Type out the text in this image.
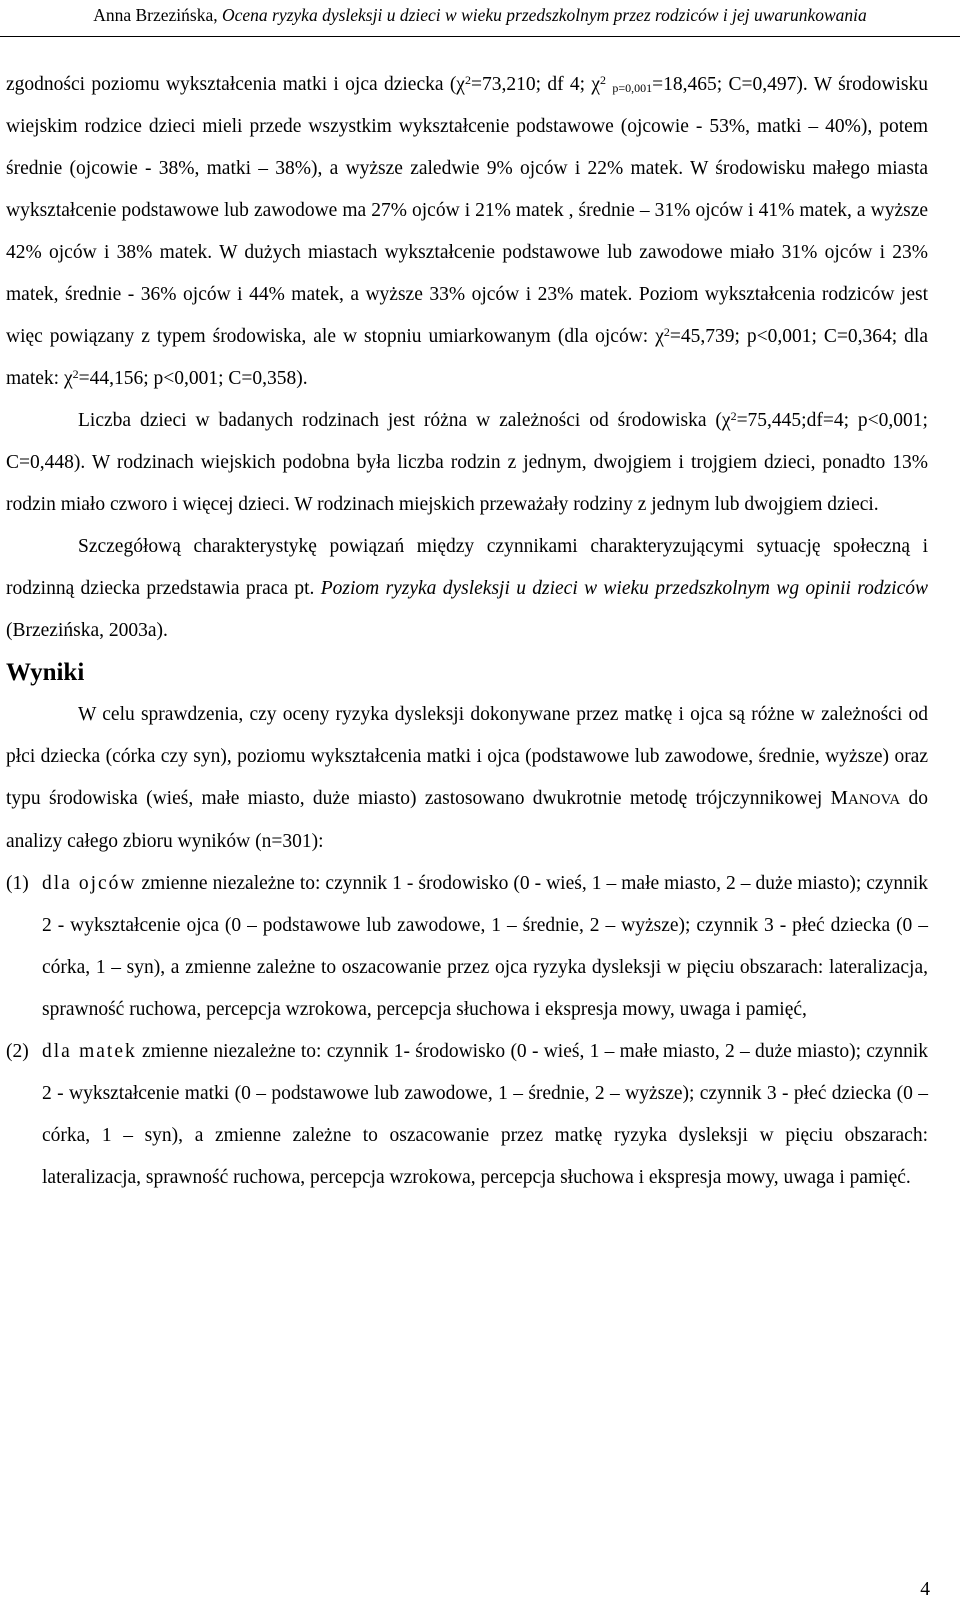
Anna Brzezińska, Ocena ryzyka dysleksji u dzieci w wieku przedszkolnym przez rodziców i jej uwarunkowania

zgodności poziomu wykształcenia matki i ojca dziecka ($\chi^2=73,210$; df 4; $\chi^2$ $_{p=0,001}$=18,465; C=0,497). W środowisku wiejskim rodzice dzieci mieli przede wszystkim wykształcenie podstawowe (ojcowie - 53%, matki – 40%), potem średnie (ojcowie - 38%, matki – 38%), a wyższe zaledwie 9% ojców i 22% matek. W środowisku małego miasta wykształcenie podstawowe lub zawodowe ma 27% ojców i 21% matek , średnie – 31% ojców i 41% matek, a wyższe 42% ojców i 38% matek. W dużych miastach wykształcenie podstawowe lub zawodowe miało 31% ojców i 23% matek, średnie - 36% ojców i 44% matek, a wyższe 33% ojców i 23% matek. Poziom wykształcenia rodziców jest więc powiązany z typem środowiska, ale w stopniu umiarkowanym (dla ojców: $\chi^2=45,739$; p<0,001; C=0,364; dla matek: $\chi^2=44,156$; p<0,001; C=0,358).

Liczba dzieci w badanych rodzinach jest różna w zależności od środowiska ($\chi^2=75,445;df=4$; p<0,001; C=0,448). W rodzinach wiejskich podobna była liczba rodzin z jednym, dwojgiem i trojgiem dzieci, ponadto 13% rodzin miało czworo i więcej dzieci. W rodzinach miejskich przeważały rodziny z jednym lub dwojgiem dzieci.

Szczegółową charakterystykę powiązań między czynnikami charakteryzującymi sytuację społeczną i rodzinną dziecka przedstawia praca pt. Poziom ryzyka dysleksji u dzieci w wieku przedszkolnym wg opinii rodziców (Brzezińska, 2003a).

Wyniki

W celu sprawdzenia, czy oceny ryzyka dysleksji dokonywane przez matkę i ojca są różne w zależności od płci dziecka (córka czy syn), poziomu wykształcenia matki i ojca (podstawowe lub zawodowe, średnie, wyższe) oraz typu środowiska (wieś, małe miasto, duże miasto) zastosowano dwukrotnie metodę trójczynnikowej MANOVA do analizy całego zbioru wyników (n=301):

(1) dla ojców zmienne niezależne to: czynnik 1 - środowisko (0 - wieś, 1 – małe miasto, 2 – duże miasto); czynnik 2 - wykształcenie ojca (0 – podstawowe lub zawodowe, 1 – średnie, 2 – wyższe); czynnik 3 - płeć dziecka (0 – córka, 1 – syn), a zmienne zależne to oszacowanie przez ojca ryzyka dysleksji w pięciu obszarach: lateralizacja, sprawność ruchowa, percepcja wzrokowa, percepcja słuchowa i ekspresja mowy, uwaga i pamięć,
(2) dla matek zmienne niezależne to: czynnik 1- środowisko (0 - wieś, 1 – małe miasto, 2 – duże miasto); czynnik 2 - wykształcenie matki (0 – podstawowe lub zawodowe, 1 – średnie, 2 – wyższe); czynnik 3 - płeć dziecka (0 – córka, 1 – syn), a zmienne zależne to oszacowanie przez matkę ryzyka dysleksji w pięciu obszarach: lateralizacja, sprawność ruchowa, percepcja wzrokowa, percepcja słuchowa i ekspresja mowy, uwaga i pamięć.
4
